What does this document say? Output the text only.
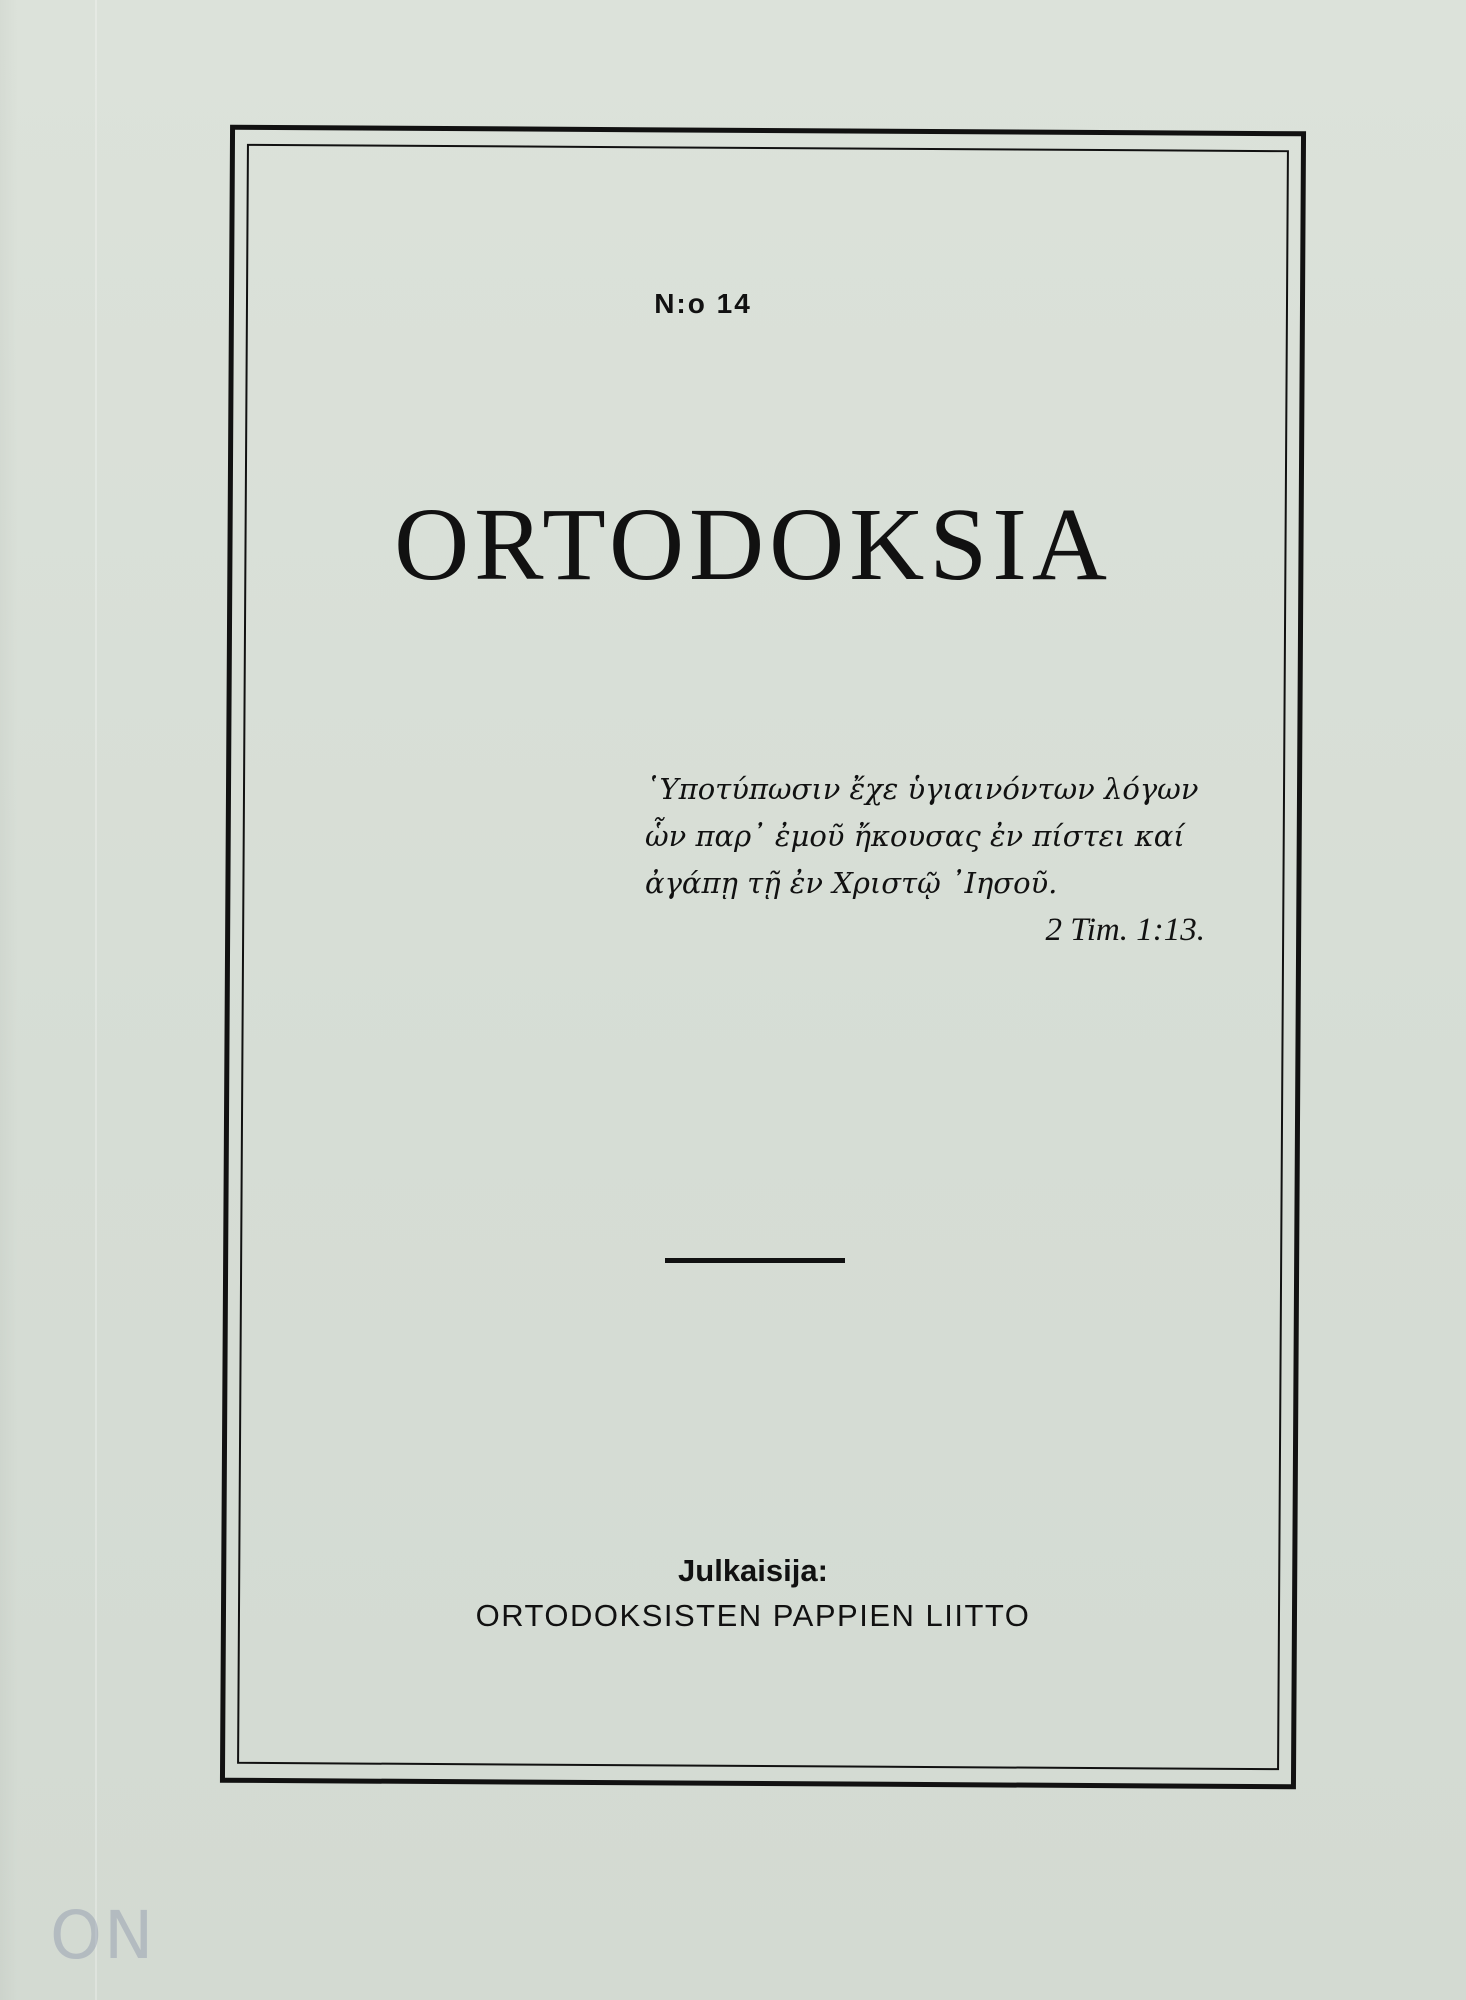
N:o 14
ORTODOKSIA
῾Υποτύπωσιν ἔχε ὑγιαινόντων λόγων
ὧν παρ᾽ ἐμοῦ ἤκουσας ἐν πίστει καί
ἀγάπῃ τῇ ἐν Χριστῷ ᾽Ιησοῦ.
2 Tim. 1:13.
Julkaisija:
ORTODOKSISTEN PAPPIEN LIITTO
ON
